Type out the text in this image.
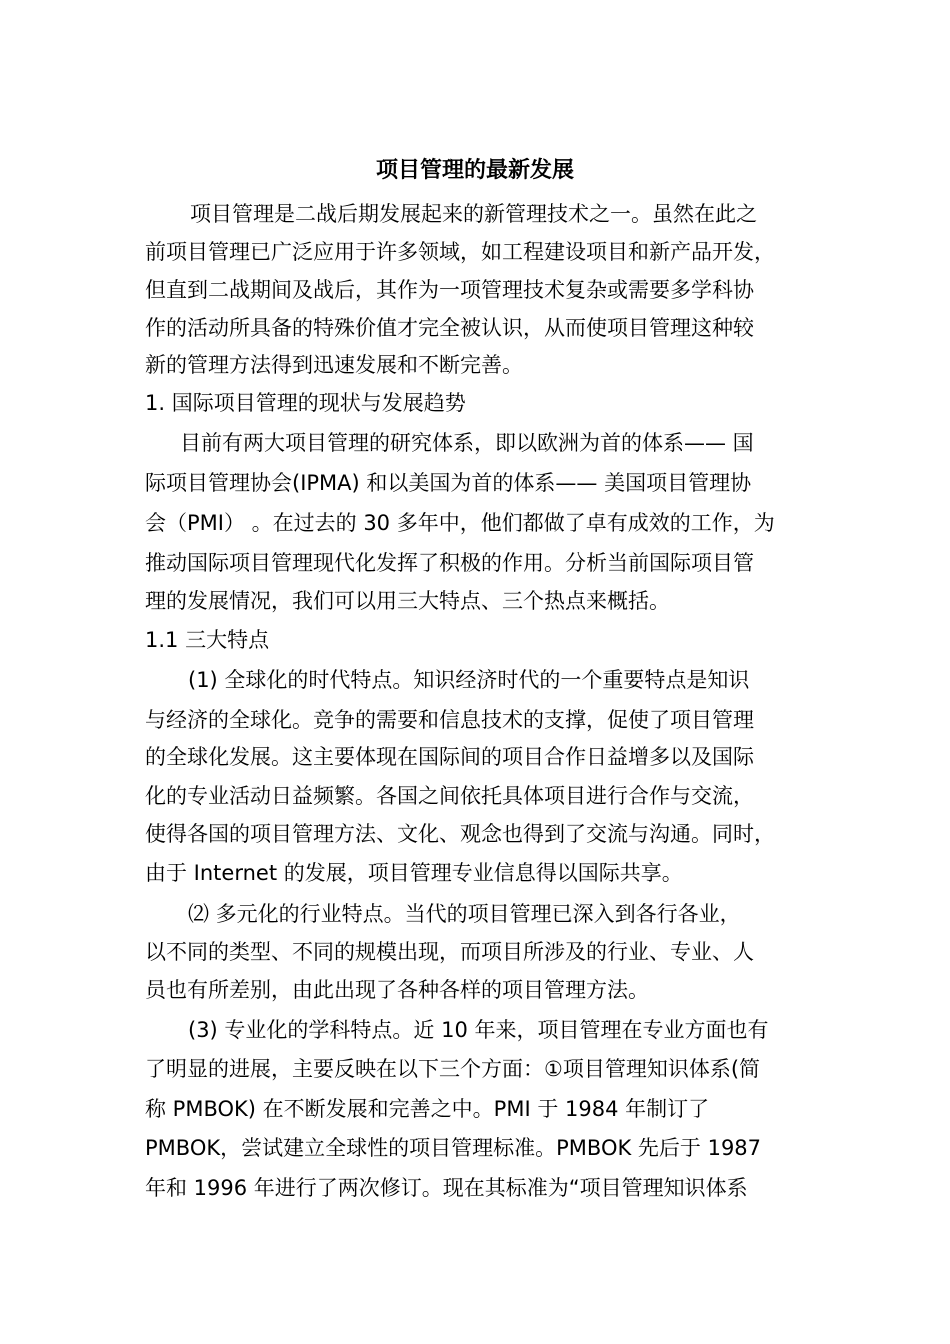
项目管理的最新发展
项目管理是二战后期发展起来的新管理技术之一。虽然在此之
前项目管理已广泛应用于许多领域，如工程建设项目和新产品开发，
但直到二战期间及战后，其作为一项管理技术复杂或需要多学科协
作的活动所具备的特殊价值才完全被认识，从而使项目管理这种较
新的管理方法得到迅速发展和不断完善。
1. 国际项目管理的现状与发展趋势
目前有两大项目管理的研究体系，即以欧洲为首的体系—— 国
际项目管理协会(IPMA) 和以美国为首的体系—— 美国项目管理协
会（PMI） 。在过去的 30 多年中，他们都做了卓有成效的工作，为
推动国际项目管理现代化发挥了积极的作用。分析当前国际项目管
理的发展情况，我们可以用三大特点、三个热点来概括。
1.1 三大特点
(1) 全球化的时代特点。知识经济时代的一个重要特点是知识
与经济的全球化。竞争的需要和信息技术的支撑，促使了项目管理
的全球化发展。这主要体现在国际间的项目合作日益增多以及国际
化的专业活动日益频繁。各国之间依托具体项目进行合作与交流，
使得各国的项目管理方法、文化、观念也得到了交流与沟通。同时，
由于 Internet 的发展，项目管理专业信息得以国际共享。
⑵ 多元化的行业特点。当代的项目管理已深入到各行各业，
以不同的类型、不同的规模出现，而项目所涉及的行业、专业、人
员也有所差别，由此出现了各种各样的项目管理方法。
(3) 专业化的学科特点。近 10 年来，项目管理在专业方面也有
了明显的进展，主要反映在以下三个方面：①项目管理知识体系(简
称 PMBOK) 在不断发展和完善之中。PMI 于 1984 年制订了
PMBOK，尝试建立全球性的项目管理标准。PMBOK 先后于 1987
年和 1996 年进行了两次修订。现在其标准为“项目管理知识体系
